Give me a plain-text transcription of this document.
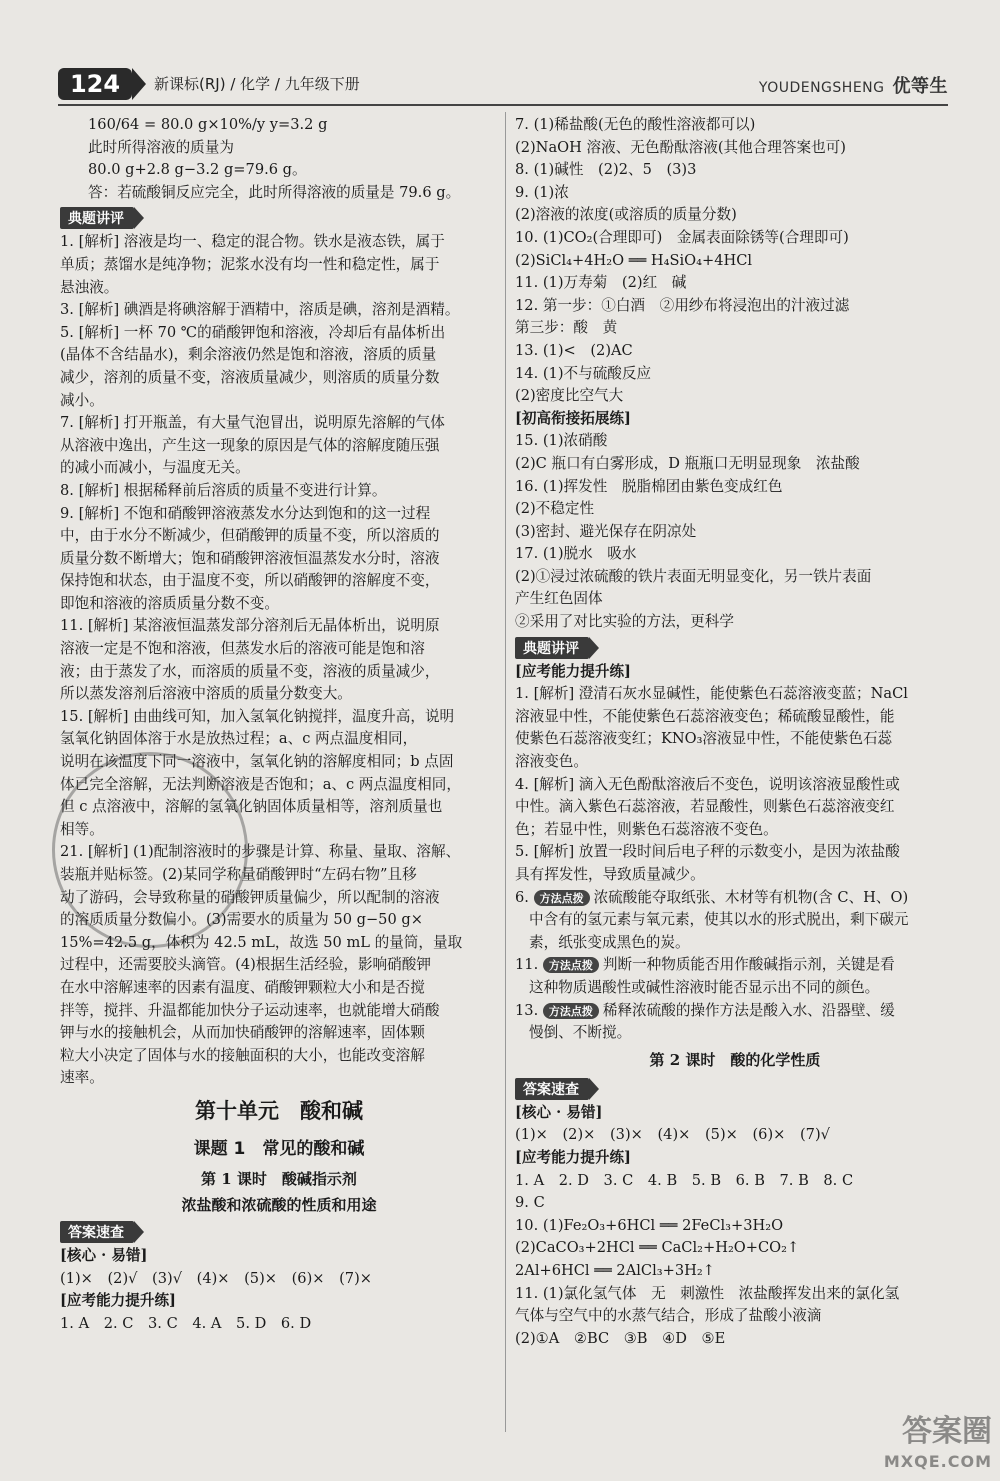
124	新课标(RJ) / 化学 / 九年级下册	YOUDENGSHENG 优等生
160/64 = 80.0 g×10%/y y=3.2 g
此时所得溶液的质量为
80.0 g+2.8 g−3.2 g=79.6 g。
答：若硫酸铜反应完全，此时所得溶液的质量是 79.6 g。
典题讲评
1. [解析] 溶液是均一、稳定的混合物。铁水是液态铁，属于
单质；蒸馏水是纯净物；泥浆水没有均一性和稳定性，属于
悬浊液。
3. [解析] 碘酒是将碘溶解于酒精中，溶质是碘，溶剂是酒精。
5. [解析] 一杯 70 ℃的硝酸钾饱和溶液，冷却后有晶体析出
(晶体不含结晶水)，剩余溶液仍然是饱和溶液，溶质的质量
减少，溶剂的质量不变，溶液质量减少，则溶质的质量分数
减小。
7. [解析] 打开瓶盖，有大量气泡冒出，说明原先溶解的气体
从溶液中逸出，产生这一现象的原因是气体的溶解度随压强
的减小而减小，与温度无关。
8. [解析] 根据稀释前后溶质的质量不变进行计算。
9. [解析] 不饱和硝酸钾溶液蒸发水分达到饱和的这一过程
中，由于水分不断减少，但硝酸钾的质量不变，所以溶质的
质量分数不断增大；饱和硝酸钾溶液恒温蒸发水分时，溶液
保持饱和状态，由于温度不变，所以硝酸钾的溶解度不变，
即饱和溶液的溶质质量分数不变。
11. [解析] 某溶液恒温蒸发部分溶剂后无晶体析出，说明原
溶液一定是不饱和溶液，但蒸发水后的溶液可能是饱和溶
液；由于蒸发了水，而溶质的质量不变，溶液的质量减少，
所以蒸发溶剂后溶液中溶质的质量分数变大。
15. [解析] 由曲线可知，加入氢氧化钠搅拌，温度升高，说明
氢氧化钠固体溶于水是放热过程；a、c 两点温度相同，
说明在该温度下同一溶液中，氢氧化钠的溶解度相同；b 点固
体已完全溶解，无法判断溶液是否饱和；a、c 两点温度相同，
但 c 点溶液中，溶解的氢氧化钠固体质量相等，溶剂质量也
相等。
21. [解析] (1)配制溶液时的步骤是计算、称量、量取、溶解、
装瓶并贴标签。(2)某同学称量硝酸钾时“左码右物”且移
动了游码，会导致称量的硝酸钾质量偏少，所以配制的溶液
的溶质质量分数偏小。(3)需要水的质量为 50 g−50 g×
15%=42.5 g，体积为 42.5 mL，故选 50 mL 的量筒，量取
过程中，还需要胶头滴管。(4)根据生活经验，影响硝酸钾
在水中溶解速率的因素有温度、硝酸钾颗粒大小和是否搅
拌等，搅拌、升温都能加快分子运动速率，也就能增大硝酸
钾与水的接触机会，从而加快硝酸钾的溶解速率，固体颗
粒大小决定了固体与水的接触面积的大小，也能改变溶解
速率。
第十单元　酸和碱
课题 1　常见的酸和碱
第 1 课时　酸碱指示剂
浓盐酸和浓硫酸的性质和用途
答案速查
[核心 · 易错]
(1)×　(2)√　(3)√　(4)×　(5)×　(6)×　(7)×
[应考能力提升练]
1. A　2. C　3. C　4. A　5. D　6. D
7. (1)稀盐酸(无色的酸性溶液都可以)
(2)NaOH 溶液、无色酚酞溶液(其他合理答案也可)
8. (1)碱性　(2)2、5　(3)3
9. (1)浓
(2)溶液的浓度(或溶质的质量分数)
10. (1)CO₂(合理即可)　金属表面除锈等(合理即可)
(2)SiCl₄+4H₂O ══ H₄SiO₄+4HCl
11. (1)万寿菊　(2)红　碱
12. 第一步：①白酒　②用纱布将浸泡出的汁液过滤
第三步：酸　黄
13. (1)<　(2)AC
14. (1)不与硫酸反应
(2)密度比空气大
[初高衔接拓展练]
15. (1)浓硝酸
(2)C 瓶口有白雾形成，D 瓶瓶口无明显现象　浓盐酸
16. (1)挥发性　脱脂棉团由紫色变成红色
(2)不稳定性
(3)密封、避光保存在阴凉处
17. (1)脱水　吸水
(2)①浸过浓硫酸的铁片表面无明显变化，另一铁片表面
产生红色固体
②采用了对比实验的方法，更科学
典题讲评
[应考能力提升练]
1. [解析] 澄清石灰水显碱性，能使紫色石蕊溶液变蓝；NaCl
溶液显中性，不能使紫色石蕊溶液变色；稀硫酸显酸性，能
使紫色石蕊溶液变红；KNO₃溶液显中性，不能使紫色石蕊
溶液变色。
4. [解析] 滴入无色酚酞溶液后不变色，说明该溶液显酸性或
中性。滴入紫色石蕊溶液，若显酸性，则紫色石蕊溶液变红
色；若显中性，则紫色石蕊溶液不变色。
5. [解析] 放置一段时间后电子秤的示数变小，是因为浓盐酸
具有挥发性，导致质量减少。
6. 方法点拨 浓硫酸能夺取纸张、木材等有机物(含 C、H、O)
中含有的氢元素与氧元素，使其以水的形式脱出，剩下碳元
素，纸张变成黑色的炭。
11. 方法点拨 判断一种物质能否用作酸碱指示剂，关键是看
这种物质遇酸性或碱性溶液时能否显示出不同的颜色。
13. 方法点拨 稀释浓硫酸的操作方法是酸入水、沿器壁、缓
慢倒、不断搅。
第 2 课时　酸的化学性质
答案速查
[核心 · 易错]
(1)×　(2)×　(3)×　(4)×　(5)×　(6)×　(7)√
[应考能力提升练]
1. A　2. D　3. C　4. B　5. B　6. B　7. B　8. C
9. C
10. (1)Fe₂O₃+6HCl ══ 2FeCl₃+3H₂O
(2)CaCO₃+2HCl ══ CaCl₂+H₂O+CO₂↑
2Al+6HCl ══ 2AlCl₃+3H₂↑
11. (1)氯化氢气体　无　刺激性　浓盐酸挥发出来的氯化氢
气体与空气中的水蒸气结合，形成了盐酸小液滴
(2)①A　②BC　③B　④D　⑤E
答案圈
MXQE.COM
